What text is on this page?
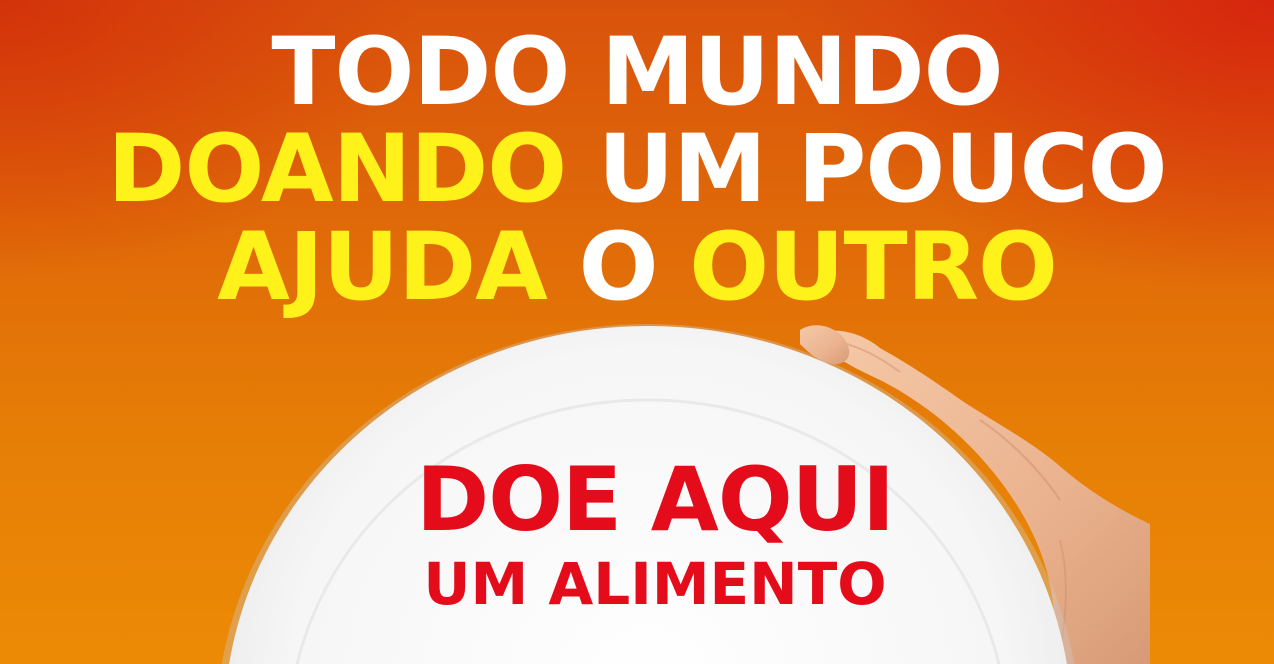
TODO MUNDO
DOANDO UM POUCO
AJUDA O OUTRO

DOE AQUI

UM ALIMENTO
